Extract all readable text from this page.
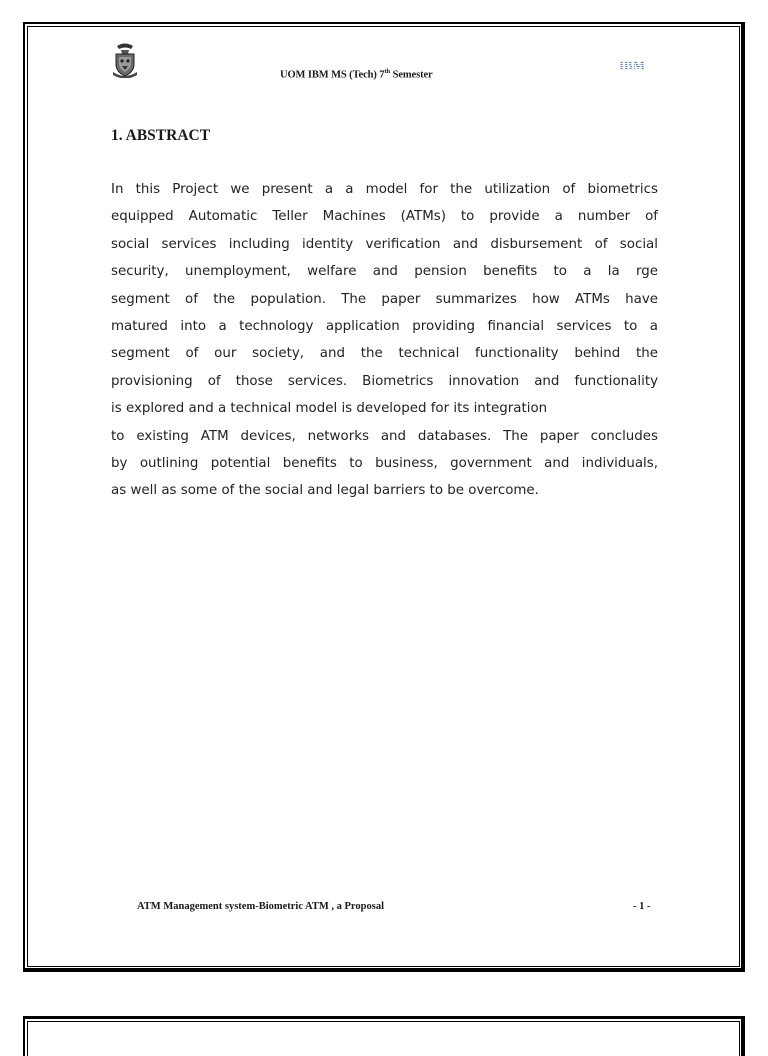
UOM IBM MS (Tech) 7th Semester
IBM
1. ABSTRACT
In this Project we present a a model for the utilization of biometrics
equipped Automatic Teller Machines (ATMs) to provide a number of
social services including identity verification and disbursement of social
security, unemployment, welfare and pension benefits to a la rge
segment of the population. The paper summarizes how ATMs have
matured into a technology application providing financial services to a
segment of our society, and the technical functionality behind the
provisioning of those services. Biometrics innovation and functionality
is explored and a technical model is developed for its integration
to existing ATM devices, networks and databases. The paper concludes
by outlining potential benefits to business, government and individuals,
as well as some of the social and legal barriers to be overcome.
ATM Management system-Biometric ATM , a Proposal	- 1 -
